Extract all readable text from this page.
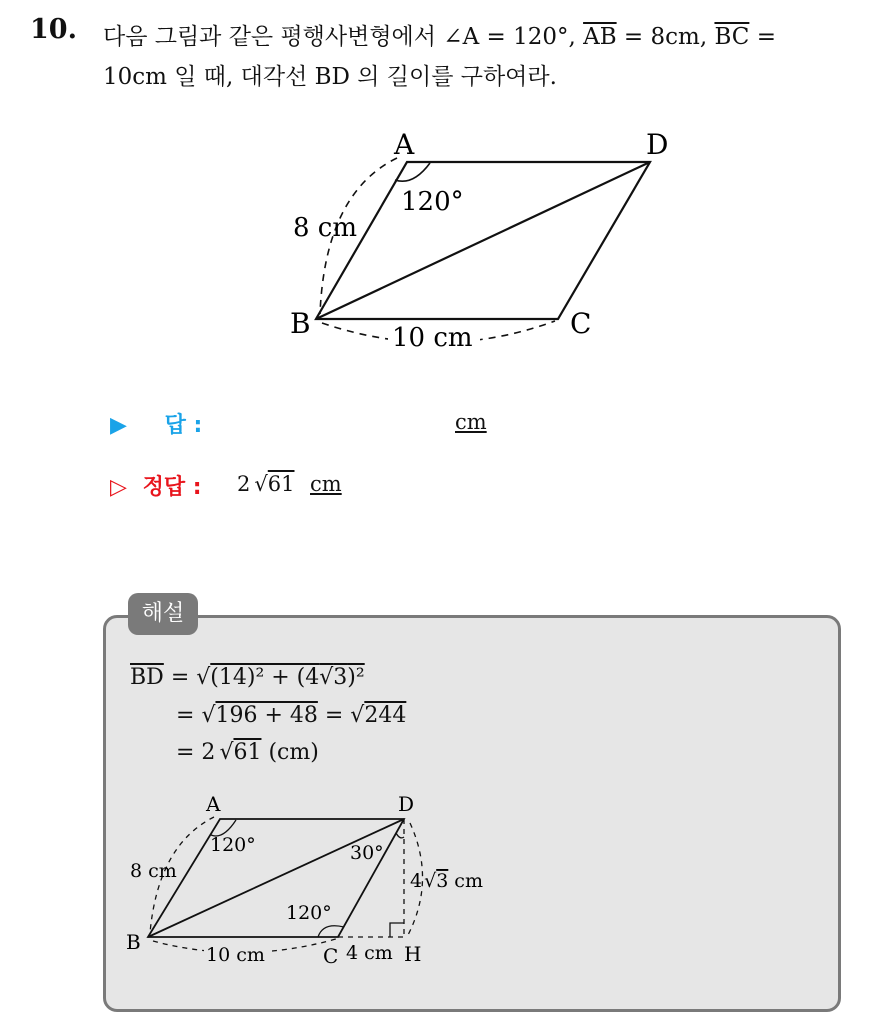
10. 다음 그림과 같은 평행사변형에서 ∠A = 120°, $\overline{AB} = 8cm$, $\overline{BC}$ =
10cm 일 때, 대각선 BD 의 길이를 구하여라.
A	D
B	C
120°
8 cm
10 cm
▶ 답 :	cm
▷ 정답 : 2 √61 cm
해설
$\overline{BD} = √(14)^2 + (4√3)^2$
= √196 + 48 = √244
= 2 √61 (cm)
A	D
B
C	H
120°
120°
30°
8 cm
10 cm	4 cm
4 √3 cm
